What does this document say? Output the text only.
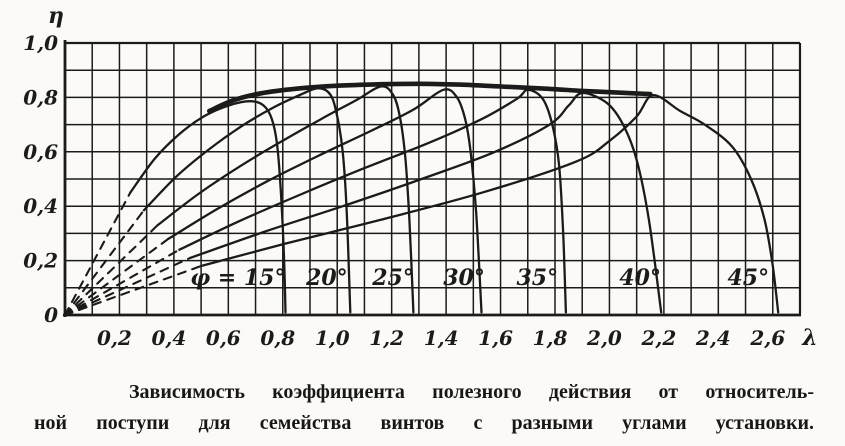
φ = 15° 20° 25° 30° 35°	40°	45°
0,2 0,4 0,6 0,8 1,0 1,2 1,4 1,6 1,8 2,0 2,2 2,4 2,6
0
0,2
0,4
0,6
0,8
1,0
η
λ
Зависимость коэффициента полезного действия от относитель-
ной поступи для семейства винтов с разными углами установки.
